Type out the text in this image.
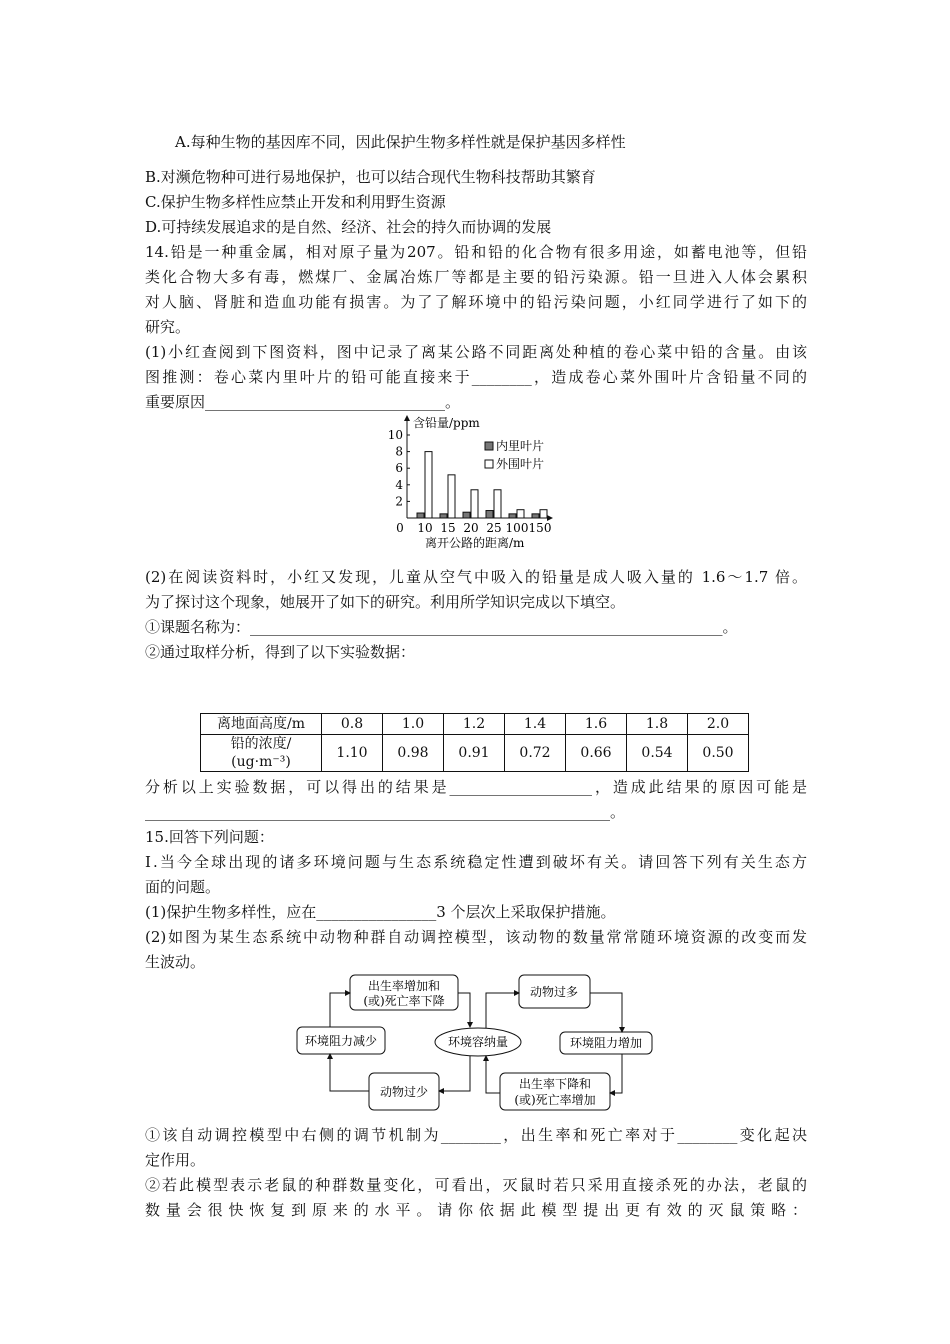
A.每种生物的基因库不同，因此保护生物多样性就是保护基因多样性
B.对濒危物种可进行易地保护，也可以结合现代生物科技帮助其繁育
C.保护生物多样性应禁止开发和利用野生资源
D.可持续发展追求的是自然、经济、社会的持久而协调的发展
14.铅是一种重金属，相对原子量为207。铅和铅的化合物有很多用途，如蓄电池等，但铅
类化合物大多有毒，燃煤厂、金属冶炼厂等都是主要的铅污染源。铅一旦进入人体会累积
对人脑、肾脏和造血功能有损害。为了了解环境中的铅污染问题，小红同学进行了如下的
研究。
(1)小红查阅到下图资料，图中记录了离某公路不同距离处种植的卷心菜中铅的含量。由该
图推测：卷心菜内里叶片的铅可能直接来于________，造成卷心菜外围叶片含铅量不同的
重要原因________________________________。
含铅量/ppm
离开公路的距离/m
0
2
4
6
8
10
10 15 20 25 100 150
内里叶片
外围叶片
(2)在阅读资料时，小红又发现，儿童从空气中吸入的铅量是成人吸入量的 1.6～1.7 倍。
为了探讨这个现象，她展开了如下的研究。利用所学知识完成以下填空。
①课题名称为：_______________________________________________________________。
②通过取样分析，得到了以下实验数据：
离地面高度/m	0.8	1.0	1.2	1.4	1.6	1.8	2.0

铅的浓度/
(ug·m⁻³)	1.10	0.98	0.91	0.72	0.66	0.54	0.50
分析以上实验数据，可以得出的结果是___________________，造成此结果的原因可能是
______________________________________________________________。
15.回答下列问题：
Ⅰ.当今全球出现的诸多环境问题与生态系统稳定性遭到破坏有关。请回答下列有关生态方
面的问题。
(1)保护生物多样性，应在________________3 个层次上采取保护措施。
(2)如图为某生态系统中动物种群自动调控模型，该动物的数量常常随环境资源的改变而发
生波动。
出生率增加和
(或)死亡率下降
环境阻力减少	环境容纳量
动物过少
动物过多
环境阻力增加
出生率下降和
(或)死亡率增加
①该自动调控模型中右侧的调节机制为________，出生率和死亡率对于________变化起决
定作用。
②若此模型表示老鼠的种群数量变化，可看出，灭鼠时若只采用直接杀死的办法，老鼠的
数量会很快恢复到原来的水平。请你依据此模型提出更有效的灭鼠策略：
